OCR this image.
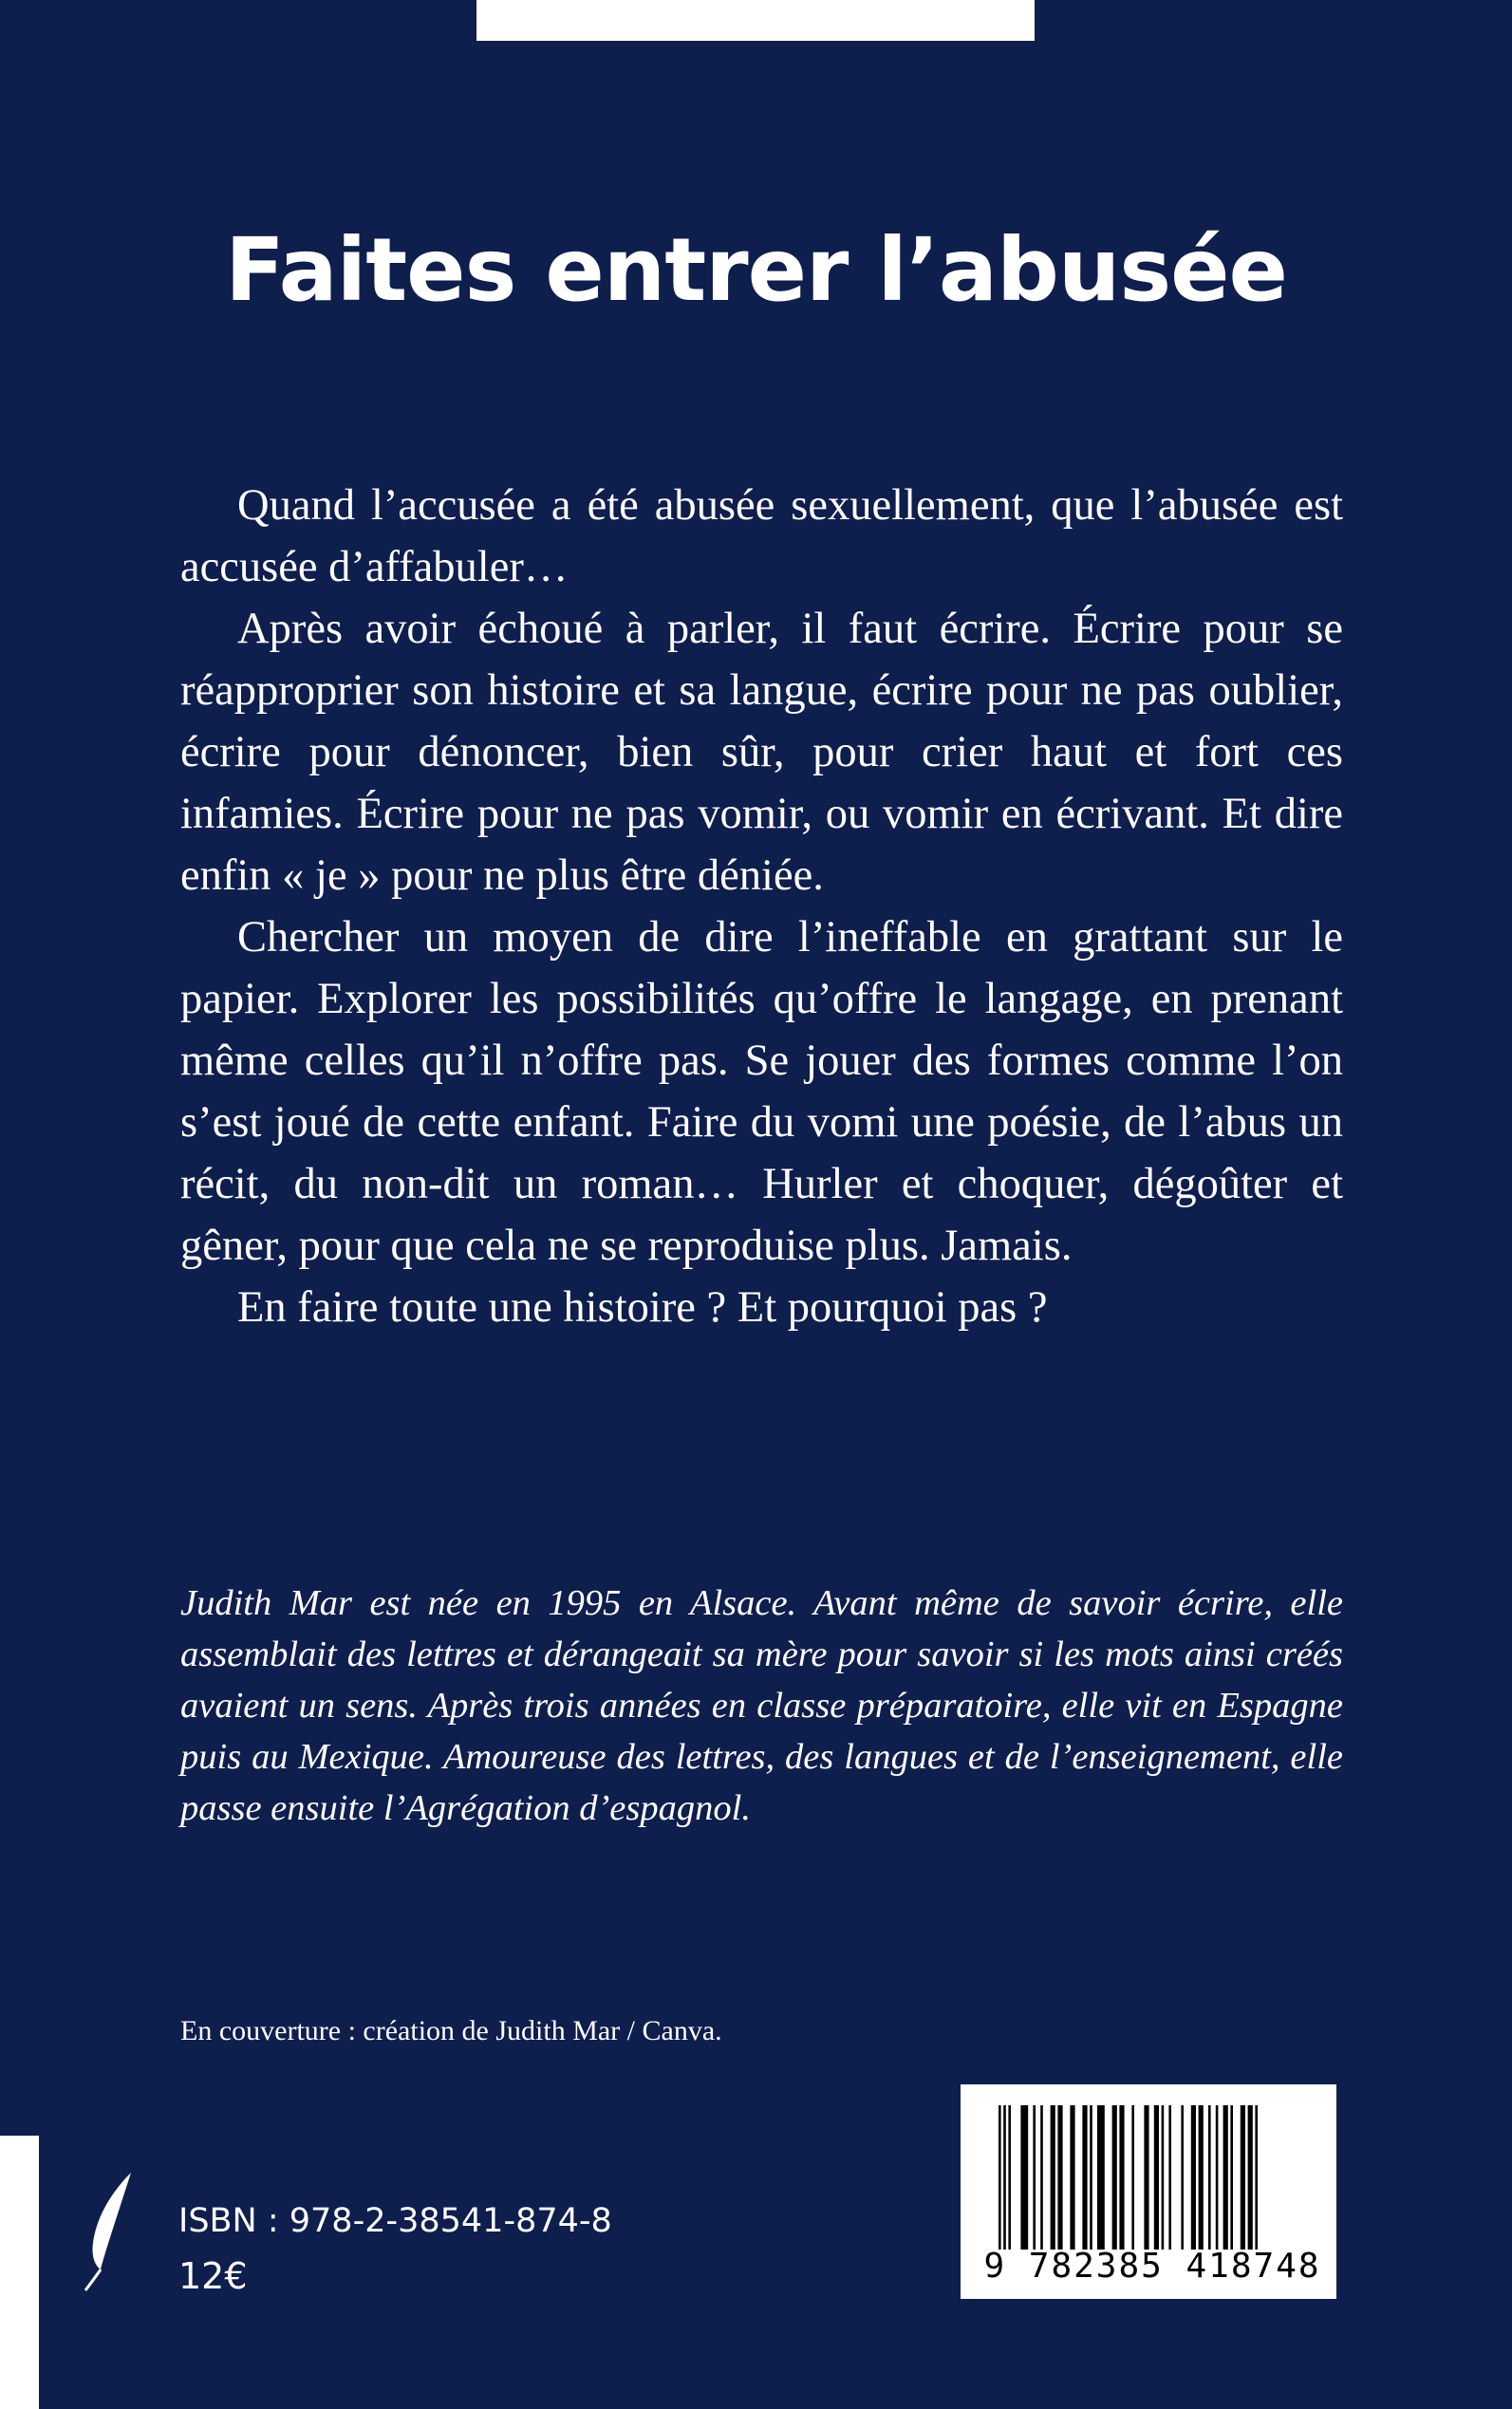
Faites entrer l’abusée

Quand l’accusée a été abusée sexuellement, que l’abusée est accusée d’affabuler…

Après avoir échoué à parler, il faut écrire. Écrire pour se réapproprier son histoire et sa langue, écrire pour ne pas oublier, écrire pour dénoncer, bien sûr, pour crier haut et fort ces infamies. Écrire pour ne pas vomir, ou vomir en écrivant. Et dire enfin « je » pour ne plus être déniée.

Chercher un moyen de dire l’ineffable en grattant sur le papier. Explorer les possibilités qu’offre le langage, en prenant même celles qu’il n’offre pas. Se jouer des formes comme l’on s’est joué de cette enfant. Faire du vomi une poésie, de l’abus un récit, du non-dit un roman… Hurler et choquer, dégoûter et gêner, pour que cela ne se reproduise plus. Jamais.

En faire toute une histoire ? Et pourquoi pas ?

Judith Mar est née en 1995 en Alsace. Avant même de savoir écrire, elle assemblait des lettres et dérangeait sa mère pour savoir si les mots ainsi créés avaient un sens. Après trois années en classe préparatoire, elle vit en Espagne puis au Mexique. Amoureuse des lettres, des langues et de l’enseignement, elle passe ensuite l’Agrégation d’espagnol.

En couverture : création de Judith Mar / Canva.

ISBN : 978-2-38541-874-8

12€	9 782385 418748
